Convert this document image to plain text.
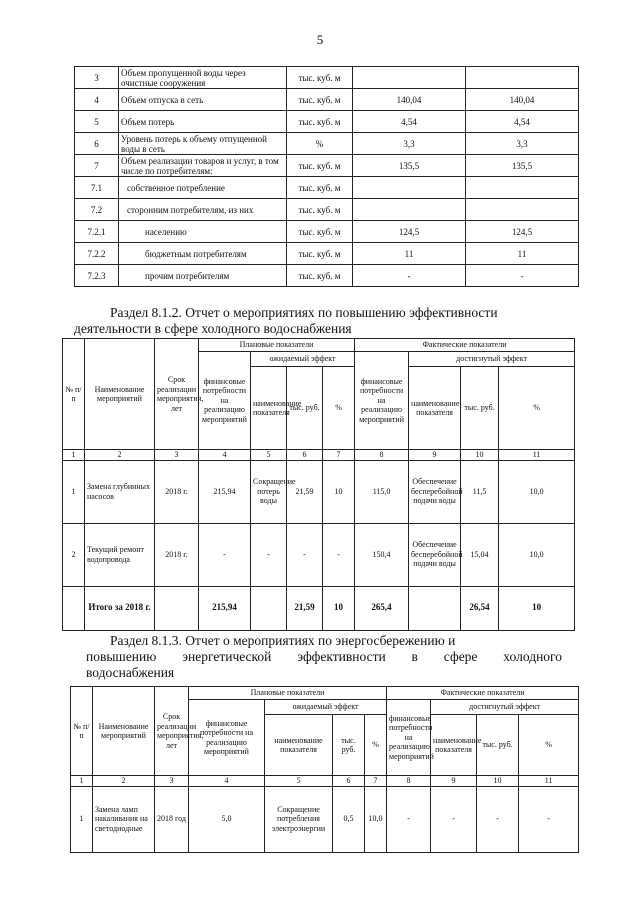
5
3	Объем пропущенной воды через очистные сооружения	тыс. куб. м		
4	Объем отпуска в сеть	тыс. куб. м	140,04	140,04
5	Объем потерь	тыс. куб. м	4,54	4,54
6	Уровень потерь к объему отпущенной воды в сеть	%	3,3	3,3
7	Объем реализации товаров и услуг, в том числе по потребителям:	тыс. куб. м	135,5	135,5
7.1	собственное потребление	тыс. куб. м		
7.2	сторонним потребителям, из них	тыс. куб. м		
7.2.1	населению	тыс. куб. м	124,5	124,5
7.2.2	бюджетным потребителям	тыс. куб. м	11	11
7.2.3	прочим потребителям	тыс. куб. м	-	-
Раздел 8.1.2. Отчет о мероприятиях по повышению эффективности
деятельности в сфере холодного водоснабжения
№ п/п	Наименование мероприятий	Срок реализации мероприятия, лет	Плановые показатели				Фактические показатели			
			финансовые потребности на реализацию мероприятий	ожидаемый эффект			финансовые потребности на реализацию мероприятий	достигнутый эффект		
				наименование показателя	тыс. руб.	%		наименование показателя	тыс. руб.	%
1	2	3	4	5	6	7	8	9	10	11
1	Замена глубинных насосов	2018 г.	215,94	Сокращение потерь воды	21,59	10	115,0	Обеспечение бесперебойной подачи воды	11,5	10,0
2	Текущий ремонт водопровода	2018 г.	-	-	-	-	150,4	Обеспечение бесперебойной подачи воды	15,04	10,0
	Итого за 2018 г.		215,94		21,59	10	265,4		26,54	10
Раздел 8.1.3. Отчет о мероприятиях по энергосбережению и
повышению энергетической эффективности в сфере холодного
водоснабжения
№ п/п	Наименование мероприятий	Срок реализации мероприятия, лет	Плановые показатели				Фактические показатели			
			финансовые потребности на реализацию мероприятий	ожидаемый эффект			финансовые потребности на реализацию мероприятий	достигнутый эффект		
				наименование показателя	тыс. руб.	%		наименование показателя	тыс. руб.	%
1	2	3	4	5	6	7	8	9	10	11
1	Замена ламп накаливания на светодиодные	2018 год	5,0	Сокращение потребления электроэнергии	0,5	10,0	-	-	-	-
